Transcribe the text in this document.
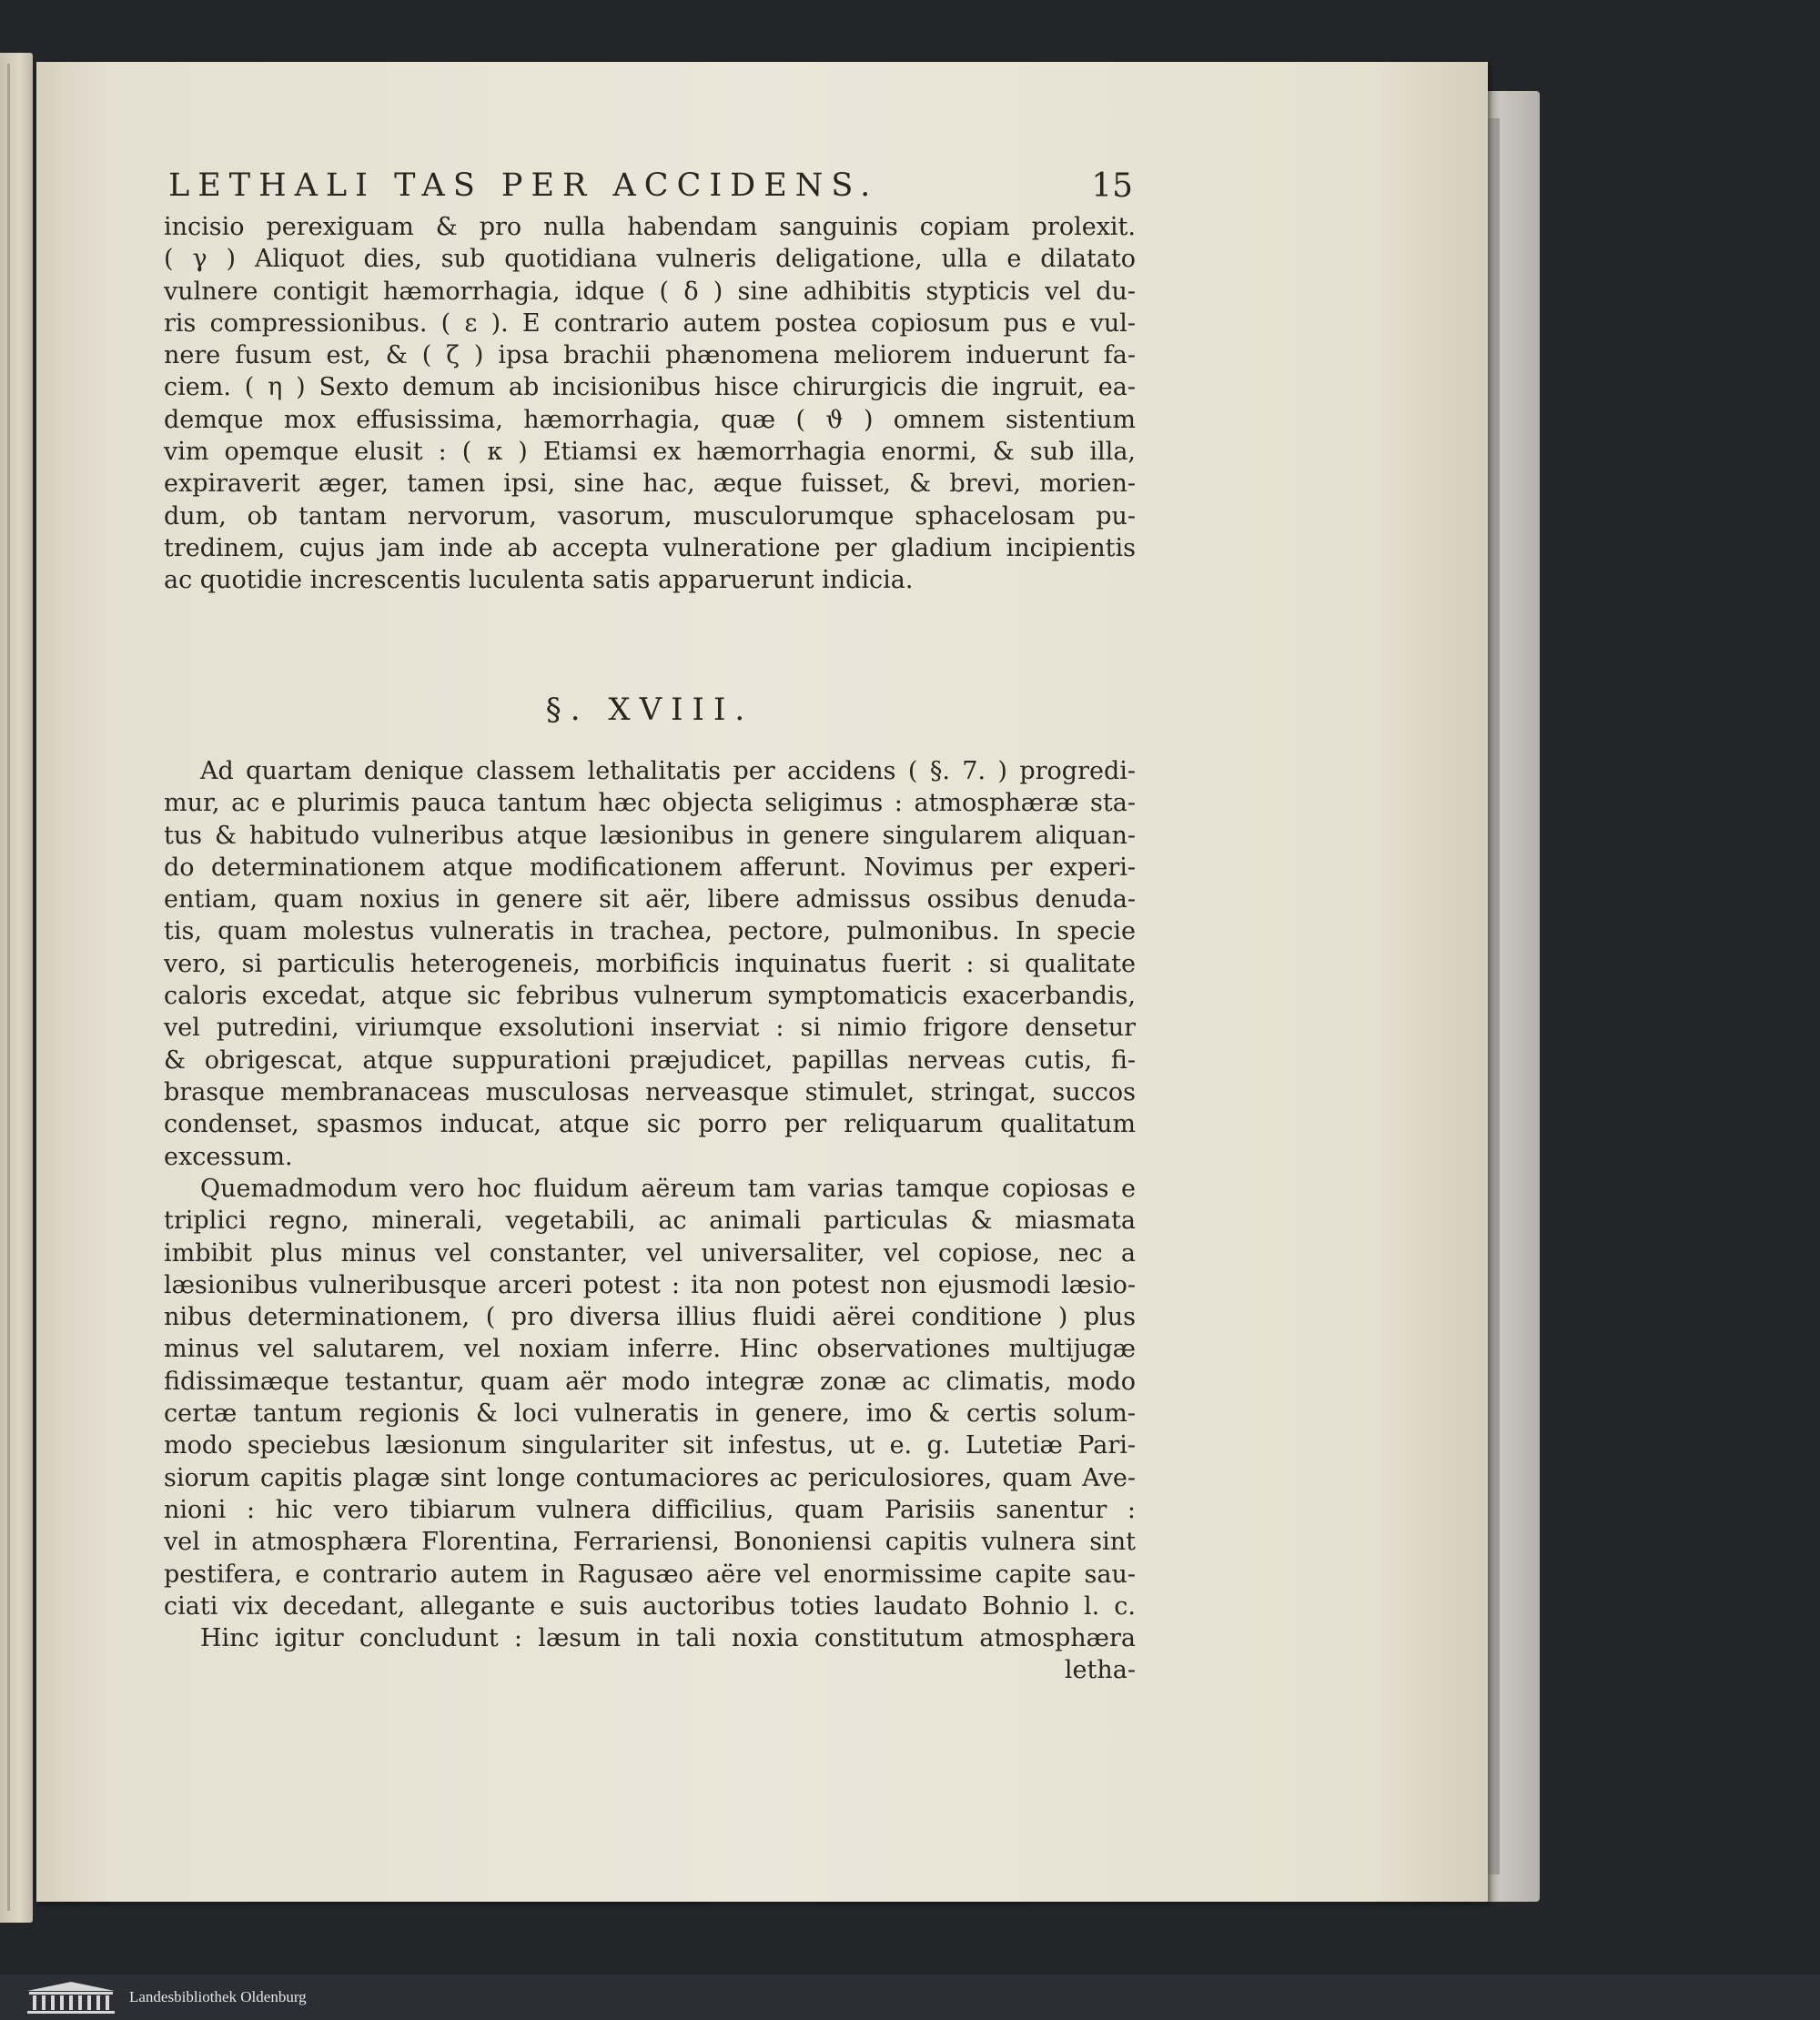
LETHALI TAS PER ACCIDENS.	15
incisio perexiguam & pro nulla habendam sanguinis copiam prolexit.
( γ ) Aliquot dies, sub quotidiana vulneris deligatione, ulla e dilatato
vulnere contigit hæmorrhagia, idque ( δ ) sine adhibitis stypticis vel du-
ris compressionibus. ( ε ). E contrario autem postea copiosum pus e vul-
nere fusum est, & ( ζ ) ipsa brachii phænomena meliorem induerunt fa-
ciem. ( η ) Sexto demum ab incisionibus hisce chirurgicis die ingruit, ea-
demque mox effusissima, hæmorrhagia, quæ ( ϑ ) omnem sistentium
vim opemque elusit : ( κ ) Etiamsi ex hæmorrhagia enormi, & sub illa,
expiraverit æger, tamen ipsi, sine hac, æque fuisset, & brevi, morien-
dum, ob tantam nervorum, vasorum, musculorumque sphacelosam pu-
tredinem, cujus jam inde ab accepta vulneratione per gladium incipientis
ac quotidie increscentis luculenta satis apparuerunt indicia.
§. XVIII.
Ad quartam denique classem lethalitatis per accidens ( §. 7. ) progredi-
mur, ac e plurimis pauca tantum hæc objecta seligimus : atmosphæræ sta-
tus & habitudo vulneribus atque læsionibus in genere singularem aliquan-
do determinationem atque modificationem afferunt. Novimus per experi-
entiam, quam noxius in genere sit aër, libere admissus ossibus denuda-
tis, quam molestus vulneratis in trachea, pectore, pulmonibus. In specie
vero, si particulis heterogeneis, morbificis inquinatus fuerit : si qualitate
caloris excedat, atque sic febribus vulnerum symptomaticis exacerbandis,
vel putredini, viriumque exsolutioni inserviat : si nimio frigore densetur
& obrigescat, atque suppurationi præjudicet, papillas nerveas cutis, fi-
brasque membranaceas musculosas nerveasque stimulet, stringat, succos
condenset, spasmos inducat, atque sic porro per reliquarum qualitatum
excessum.
Quemadmodum vero hoc fluidum aëreum tam varias tamque copiosas e
triplici regno, minerali, vegetabili, ac animali particulas & miasmata
imbibit plus minus vel constanter, vel universaliter, vel copiose, nec a
læsionibus vulneribusque arceri potest : ita non potest non ejusmodi læsio-
nibus determinationem, ( pro diversa illius fluidi aërei conditione ) plus
minus vel salutarem, vel noxiam inferre. Hinc observationes multijugæ
fidissimæque testantur, quam aër modo integræ zonæ ac climatis, modo
certæ tantum regionis & loci vulneratis in genere, imo & certis solum-
modo speciebus læsionum singulariter sit infestus, ut e. g. Lutetiæ Pari-
siorum capitis plagæ sint longe contumaciores ac periculosiores, quam Ave-
nioni : hic vero tibiarum vulnera difficilius, quam Parisiis sanentur :
vel in atmosphæra Florentina, Ferrariensi, Bononiensi capitis vulnera sint
pestifera, e contrario autem in Ragusæo aëre vel enormissime capite sau-
ciati vix decedant, allegante e suis auctoribus toties laudato Bohnio l. c.
Hinc igitur concludunt : læsum in tali noxia constitutum atmosphæra
letha-
Landesbibliothek Oldenburg
